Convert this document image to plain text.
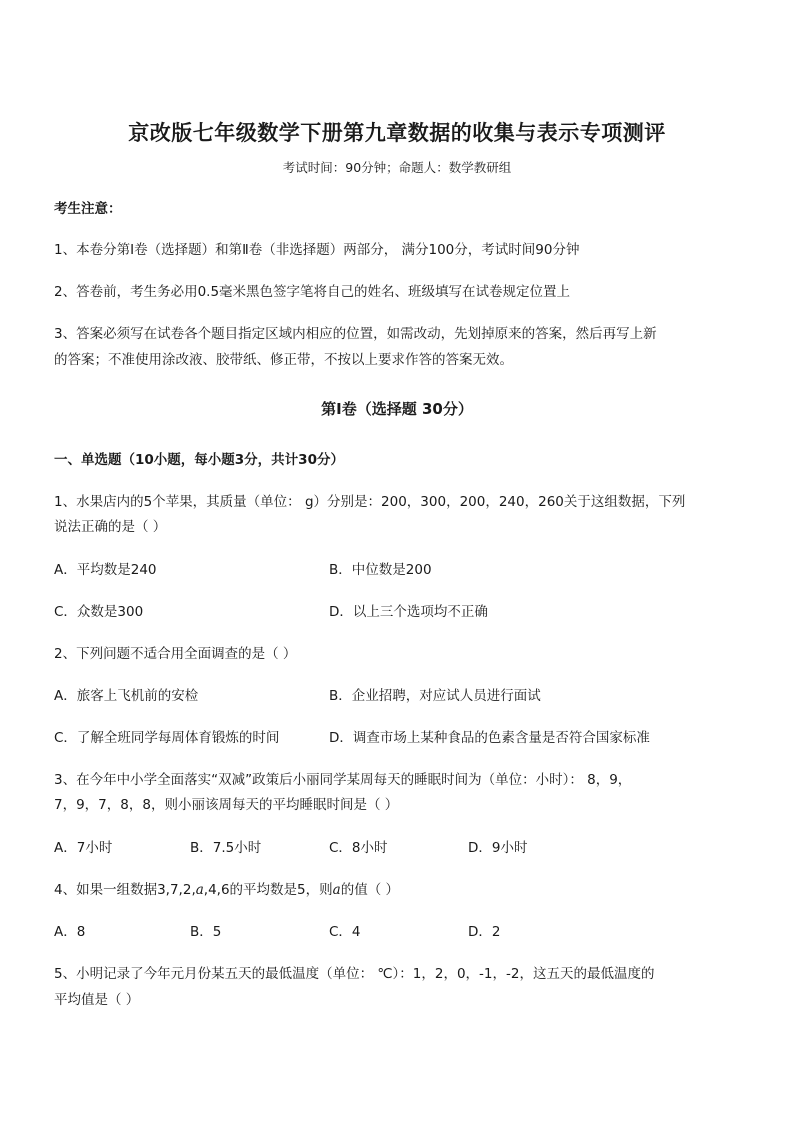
京改版七年级数学下册第九章数据的收集与表示专项测评
考试时间：90分钟；命题人：数学教研组
考生注意：
1、本卷分第Ⅰ卷（选择题）和第Ⅱ卷（非选择题）两部分， 满分100分，考试时间90分钟
2、答卷前，考生务必用0.5毫米黑色签字笔将自己的姓名、班级填写在试卷规定位置上
3、答案必须写在试卷各个题目指定区域内相应的位置，如需改动，先划掉原来的答案，然后再写上新
的答案；不准使用涂改液、胶带纸、修正带，不按以上要求作答的答案无效。
第Ⅰ卷（选择题 30分）
一、单选题（10小题，每小题3分，共计30分）
1、水果店内的5个苹果，其质量（单位： g）分别是：200，300，200，240，260关于这组数据，下列
说法正确的是（ ）
A．平均数是240	B．中位数是200
C．众数是300	D．以上三个选项均不正确
2、下列问题不适合用全面调查的是（ ）
A．旅客上飞机前的安检	B．企业招聘，对应试人员进行面试
C．了解全班同学每周体育锻炼的时间	D．调查市场上某种食品的色素含量是否符合国家标准
3、在今年中小学全面落实“双减”政策后小丽同学某周每天的睡眠时间为（单位：小时）： 8，9，
7，9，7，8，8，则小丽该周每天的平均睡眠时间是（ ）
A．7小时	B．7.5小时	C．8小时	D．9小时
4、如果一组数据3,7,2,a,4,6的平均数是5，则a的值（ ）
A．8	B．5	C．4	D．2
5、小明记录了今年元月份某五天的最低温度（单位： ℃）：1，2，0，-1，-2，这五天的最低温度的
平均值是（ ）
